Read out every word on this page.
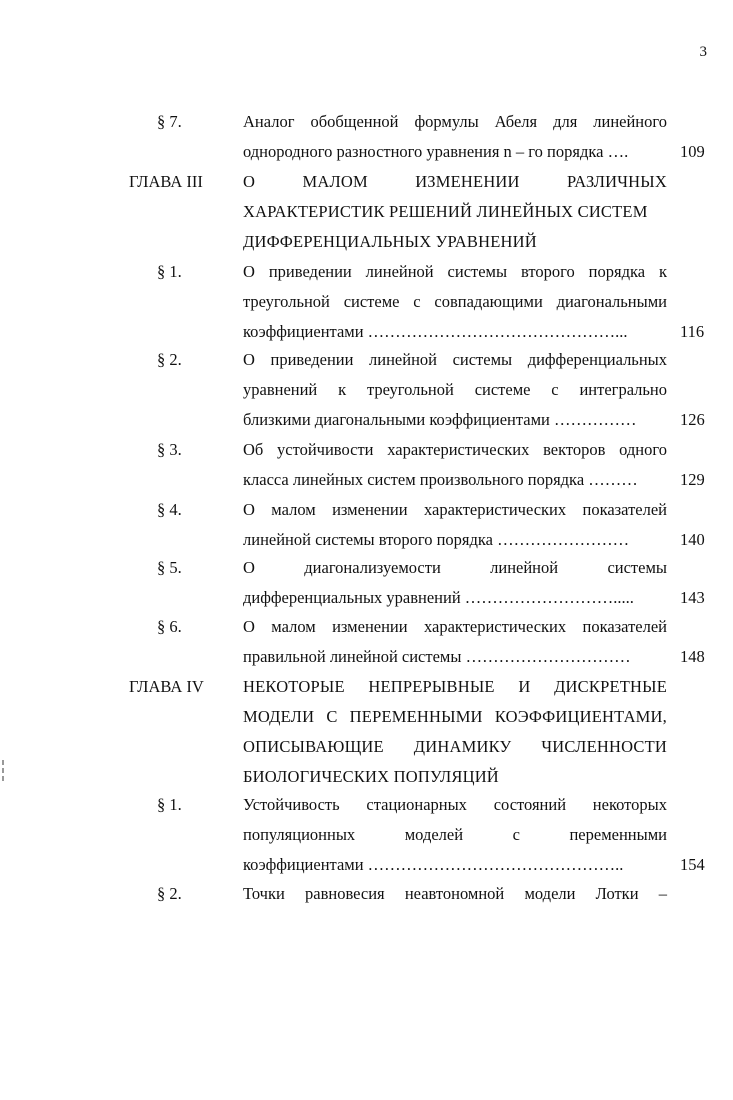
3
§ 7.	Аналог обобщенной формулы Абеля для линейного
однородного разностного уравнения n – го порядка ….	109
ГЛАВА III О МАЛОМ ИЗМЕНЕНИИ РАЗЛИЧНЫХ
ХАРАКТЕРИСТИК РЕШЕНИЙ ЛИНЕЙНЫХ СИСТЕМ
ДИФФЕРЕНЦИАЛЬНЫХ УРАВНЕНИЙ
§ 1.	О приведении линейной системы второго порядка к
треугольной системе с совпадающими диагональными
коэффициентами ………………………………………...	116
§ 2.	О приведении линейной системы дифференциальных
уравнений к треугольной системе с интегрально
близкими диагональными коэффициентами ……………	126
§ 3.	Об устойчивости характеристических векторов одного
класса линейных систем произвольного порядка ………	129
§ 4.	О малом изменении характеристических показателей
линейной системы второго порядка ……………………	140
§ 5.	О диагонализуемости линейной системы
дифференциальных уравнений ……………………….....	143
§ 6.	О малом изменении характеристических показателей
правильной линейной системы …………………………	148
ГЛАВА IV НЕКОТОРЫЕ НЕПРЕРЫВНЫЕ И ДИСКРЕТНЫЕ
МОДЕЛИ С ПЕРЕМЕННЫМИ КОЭФФИЦИЕНТАМИ,
ОПИСЫВАЮЩИЕ ДИНАМИКУ ЧИСЛЕННОСТИ
БИОЛОГИЧЕСКИХ ПОПУЛЯЦИЙ
§ 1.	Устойчивость стационарных состояний некоторых
популяционных моделей с переменными
коэффициентами ………………………………………..	154
§ 2.	Точки равновесия неавтономной модели Лотки –
